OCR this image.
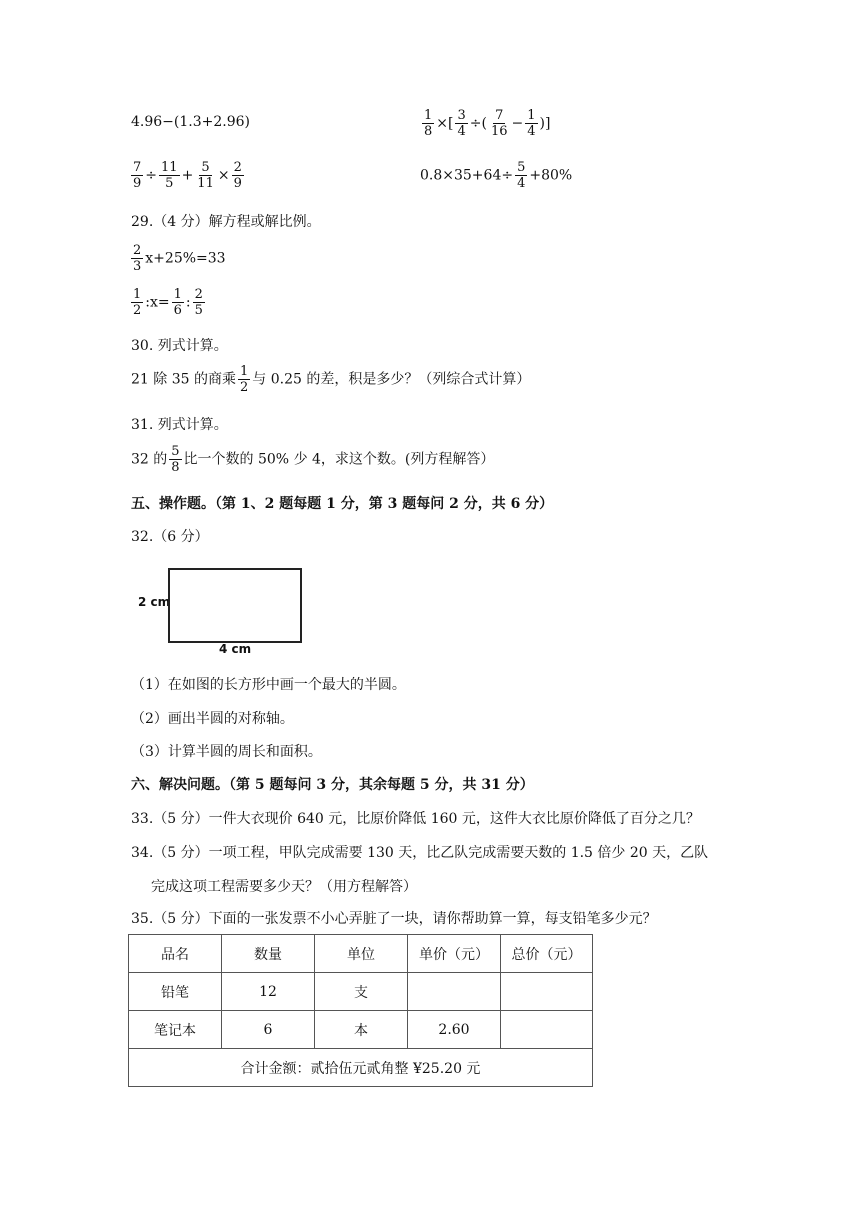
4.96−(1.3+2.96)	$\frac{1}{8}$ ×[ $\frac{3}{4}$ ÷( $\frac{7}{16} - \frac{1}{4}$ )]
$\frac{7}{9} \div \frac{11}{5} + \frac{5}{11} \times \frac{2}{9}$	$0.8\times 35+64\div \frac{5}{4} +80\%$
29.（4 分）解方程或解比例。
$\frac{2}{3} x+25\%=33$
$\frac{1}{2}$ :x= $\frac{1}{6}$ : $\frac{2}{5}$
30. 列式计算。
21 除 35 的商乘 $\frac{1}{2}$ 与 0.25 的差，积是多少？（列综合式计算）
31. 列式计算。
32 的 $\frac{5}{8}$ 比一个数的 50% 少 4，求这个数。(列方程解答）
五、操作题。（第 1、2 题每题 1 分，第 3 题每问 2 分，共 6 分）
32.（6 分）
2 cm
4 cm
（1）在如图的长方形中画一个最大的半圆。
（2）画出半圆的对称轴。
（3）计算半圆的周长和面积。
六、解决问题。（第 5 题每问 3 分，其余每题 5 分，共 31 分）
33.（5 分）一件大衣现价 640 元，比原价降低 160 元，这件大衣比原价降低了百分之几？
34.（5 分）一项工程，甲队完成需要 130 天，比乙队完成需要天数的 1.5 倍少 20 天，乙队
完成这项工程需要多少天？（用方程解答）
35.（5 分）下面的一张发票不小心弄脏了一块，请你帮助算一算，每支铅笔多少元？
品名	数量	单位	单价（元）	总价（元）
铅笔	12	支		
笔记本	6	本	2.60	
合计金额：贰拾伍元贰角整 ¥25.20 元				
